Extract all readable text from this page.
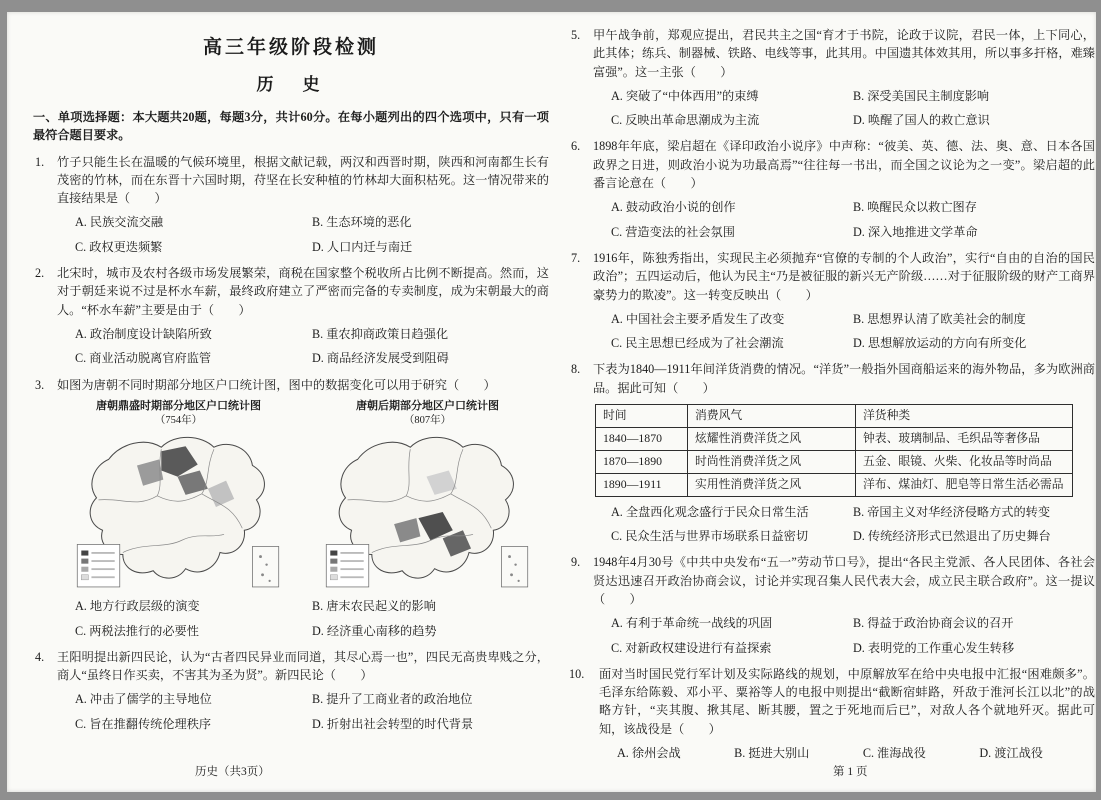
高三年级阶段检测
历　史
一、单项选择题：本大题共20题，每题3分，共计60分。在每小题列出的四个选项中，只有一项最符合题目要求。
1. 竹子只能生长在温暖的气候环境里，根据文献记载，两汉和西晋时期，陕西和河南都生长有茂密的竹林，而在东晋十六国时期，苻坚在长安种植的竹林却大面积枯死。这一情况带来的直接结果是（　　）
A. 民族交流交融	B. 生态环境的恶化
C. 政权更迭频繁	D. 人口内迁与南迁
2. 北宋时，城市及农村各级市场发展繁荣，商税在国家整个税收所占比例不断提高。然而，这对于朝廷来说不过是杯水车薪，最终政府建立了严密而完备的专卖制度，成为宋朝最大的商人。“杯水车薪”主要是由于（　　）
A. 政治制度设计缺陷所致	B. 重农抑商政策日趋强化
C. 商业活动脱离官府监管	D. 商品经济发展受到阻碍
3. 如图为唐朝不同时期部分地区户口统计图，图中的数据变化可以用于研究（　　）
唐朝鼎盛时期部分地区户口统计图
（754年）
唐朝后期部分地区户口统计图
（807年）
A. 地方行政层级的演变	B. 唐末农民起义的影响
C. 两税法推行的必要性	D. 经济重心南移的趋势
4. 王阳明提出新四民论，认为“古者四民异业而同道，其尽心焉一也”，四民无高贵卑贱之分，商人“虽终日作买卖，不害其为圣为贤”。新四民论（　　）
A. 冲击了儒学的主导地位	B. 提升了工商业者的政治地位
C. 旨在推翻传统伦理秩序	D. 折射出社会转型的时代背景
5. 甲午战争前，郑观应提出，君民共主之国“育才于书院，论政于议院，君民一体，上下同心，此其体；练兵、制器械、铁路、电线等事，此其用。中国遗其体效其用，所以事多扞格，难臻富强”。这一主张（　　）
A. 突破了“中体西用”的束缚	B. 深受美国民主制度影响
C. 反映出革命思潮成为主流	D. 唤醒了国人的救亡意识
6. 1898年年底，梁启超在《译印政治小说序》中声称：“彼美、英、德、法、奥、意、日本各国政界之日进，则政治小说为功最高焉”“往往每一书出，而全国之议论为之一变”。梁启超的此番言论意在（　　）
A. 鼓动政治小说的创作	B. 唤醒民众以救亡图存
C. 营造变法的社会氛围	D. 深入地推进文学革命
7. 1916年，陈独秀指出，实现民主必须抛弃“官僚的专制的个人政治”，实行“自由的自治的国民政治”；五四运动后，他认为民主“乃是被征服的新兴无产阶级……对于征服阶级的财产工商界豪势力的欺凌”。这一转变反映出（　　）
A. 中国社会主要矛盾发生了改变	B. 思想界认清了欧美社会的制度
C. 民主思想已经成为了社会潮流	D. 思想解放运动的方向有所变化
8. 下表为1840—1911年间洋货消费的情况。“洋货”一般指外国商船运来的海外物品，多为欧洲商品。据此可知（　　）
时间	消费风气	洋货种类
1840—1870	炫耀性消费洋货之风	钟表、玻璃制品、毛织品等奢侈品
1870—1890	时尚性消费洋货之风	五金、眼镜、火柴、化妆品等时尚品
1890—1911	实用性消费洋货之风	洋布、煤油灯、肥皂等日常生活必需品
A. 全盘西化观念盛行于民众日常生活	B. 帝国主义对华经济侵略方式的转变
C. 民众生活与世界市场联系日益密切	D. 传统经济形式已然退出了历史舞台
9. 1948年4月30号《中共中央发布“五一”劳动节口号》，提出“各民主党派、各人民团体、各社会贤达迅速召开政治协商会议，讨论并实现召集人民代表大会，成立民主联合政府”。这一提议（　　）
A. 有利于革命统一战线的巩固	B. 得益于政治协商会议的召开
C. 对新政权建设进行有益探索	D. 表明党的工作重心发生转移
10. 面对当时国民党行军计划及实际路线的规划，中原解放军在给中央电报中汇报“困难颇多”。毛泽东给陈毅、邓小平、粟裕等人的电报中则提出“截断宿蚌路，歼敌于淮河长江以北”的战略方针，“夹其腹、揪其尾、断其腰，置之于死地而后已”，对敌人各个就地歼灭。据此可知，该战役是（　　）
A. 徐州会战	B. 挺进大别山	C. 淮海战役	D. 渡江战役
历史（共3页）	第 1 页
